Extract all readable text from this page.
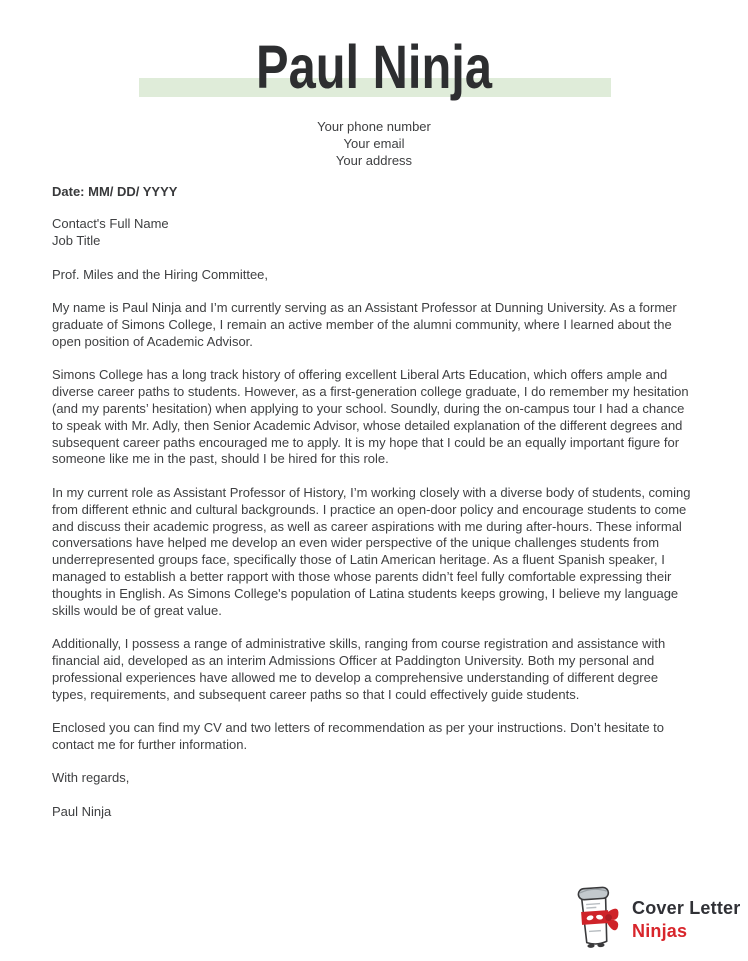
Paul Ninja
Your phone number
Your email
Your address
Date: MM/ DD/ YYYY
Contact's Full Name
Job Title

Prof. Miles and the Hiring Committee,

My name is Paul Ninja and I’m currently serving as an Assistant Professor at Dunning University. As a former graduate of Simons College, I remain an active member of the alumni community, where I learned about the open position of Academic Advisor.

Simons College has a long track history of offering excellent Liberal Arts Education, which offers ample and diverse career paths to students. However, as a first-generation college graduate, I do remember my hesitation (and my parents’ hesitation) when applying to your school. Soundly, during the on-campus tour I had a chance to speak with Mr. Adly, then Senior Academic Advisor, whose detailed explanation of the different degrees and subsequent career paths encouraged me to apply. It is my hope that I could be an equally important figure for someone like me in the past, should I be hired for this role.

In my current role as Assistant Professor of History, I’m working closely with a diverse body of students, coming from different ethnic and cultural backgrounds. I practice an open-door policy and encourage students to come and discuss their academic progress, as well as career aspirations with me during after-hours. These informal conversations have helped me develop an even wider perspective of the unique challenges students from underrepresented groups face, specifically those of Latin American heritage. As a fluent Spanish speaker, I managed to establish a better rapport with those whose parents didn’t feel fully comfortable expressing their thoughts in English. As Simons College's population of Latina students keeps growing, I believe my language skills would be of great value.

Additionally, I possess a range of administrative skills, ranging from course registration and assistance with financial aid, developed as an interim Admissions Officer at Paddington University. Both my personal and professional experiences have allowed me to develop a comprehensive understanding of different degree types, requirements, and subsequent career paths so that I could effectively guide students.

Enclosed you can find my CV and two letters of recommendation as per your instructions. Don’t hesitate to contact me for further information.

With regards,

Paul Ninja

Cover Letter
Ninjas
